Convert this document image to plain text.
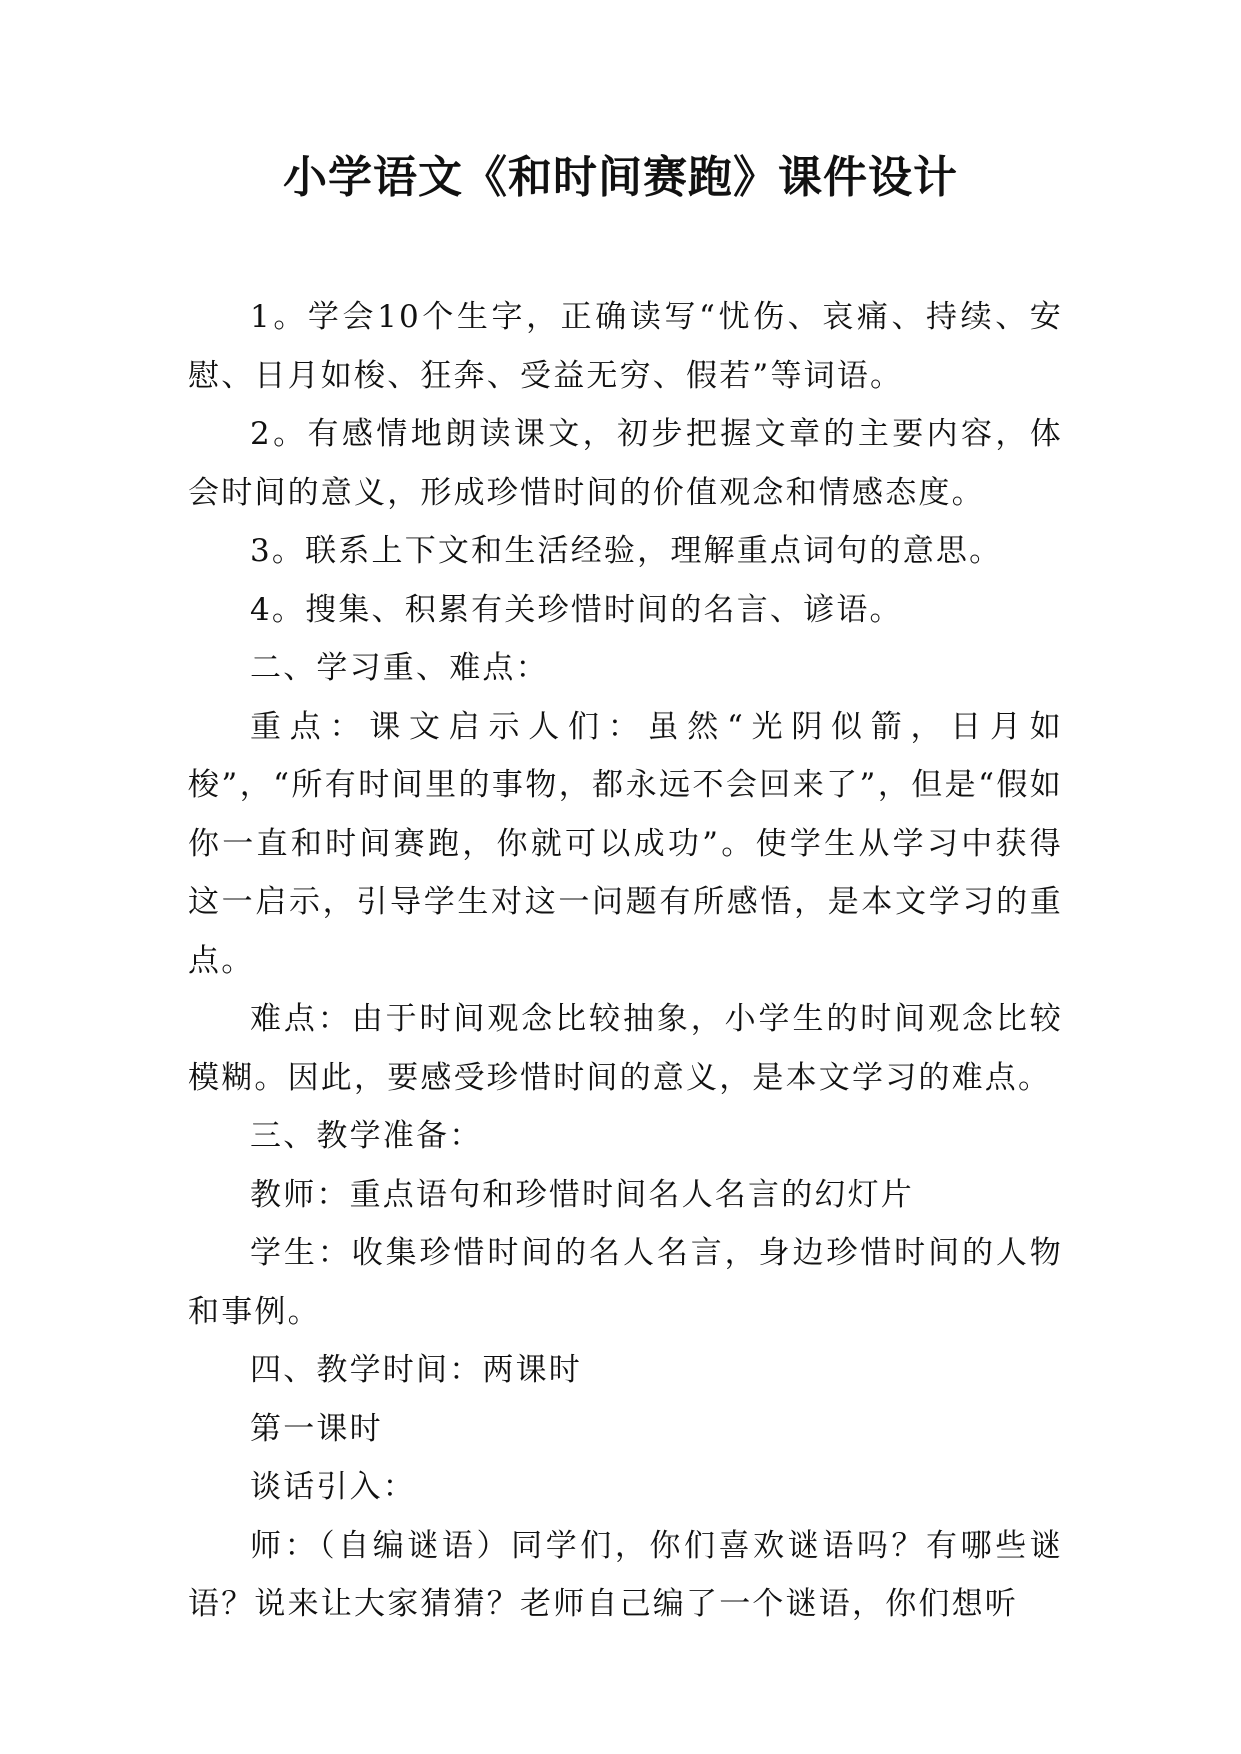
小学语文《和时间赛跑》课件设计

1。学会10个生字，正确读写“忧伤、哀痛、持续、安慰、日月如梭、狂奔、受益无穷、假若”等词语。

2。有感情地朗读课文，初步把握文章的主要内容，体会时间的意义，形成珍惜时间的价值观念和情感态度。

3。联系上下文和生活经验，理解重点词句的意思。

4。搜集、积累有关珍惜时间的名言、谚语。

二、学习重、难点：

重点：课文启示人们：虽然“光阴似箭，日月如梭”，“所有时间里的事物，都永远不会回来了”，但是“假如你一直和时间赛跑，你就可以成功”。使学生从学习中获得这一启示，引导学生对这一问题有所感悟，是本文学习的重点。

难点：由于时间观念比较抽象，小学生的时间观念比较模糊。因此，要感受珍惜时间的意义，是本文学习的难点。

三、教学准备：

教师：重点语句和珍惜时间名人名言的幻灯片

学生：收集珍惜时间的名人名言，身边珍惜时间的人物和事例。

四、教学时间：两课时

第一课时

谈话引入：

师：（自编谜语）同学们，你们喜欢谜语吗？有哪些谜语？说来让大家猜猜？老师自己编了一个谜语，你们想听
